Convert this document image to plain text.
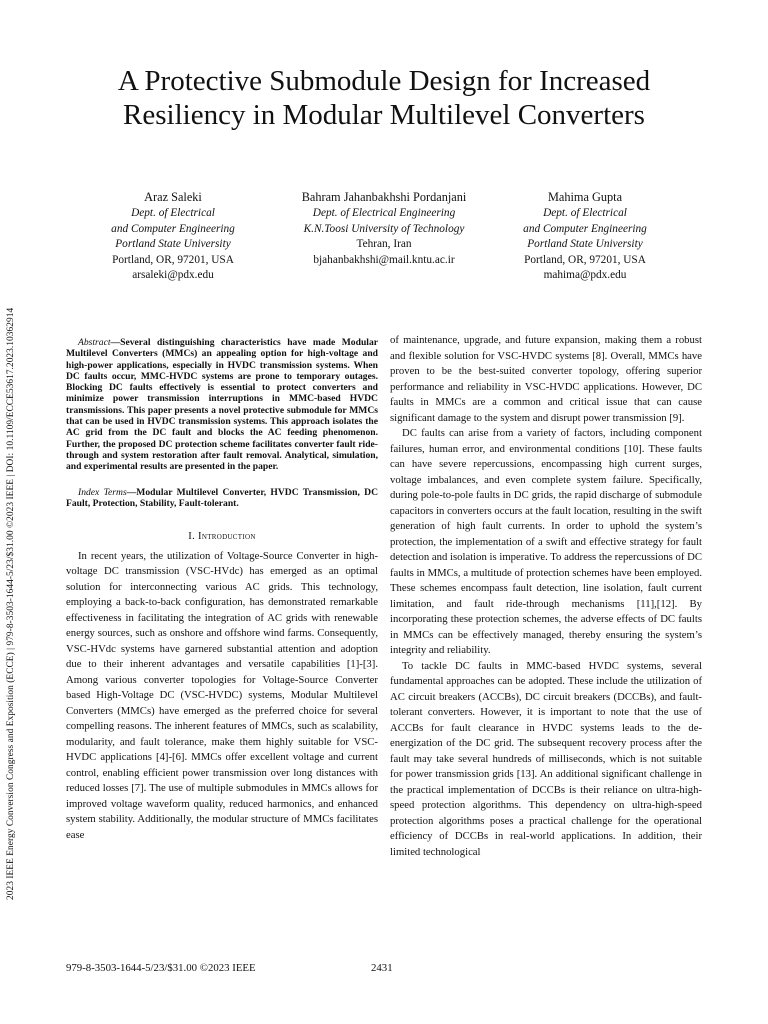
2023 IEEE Energy Conversion Congress and Exposition (ECCE) | 979-8-3503-1644-5/23/$31.00 ©2023 IEEE | DOI: 10.1109/ECCE53617.2023.10362914
A Protective Submodule Design for Increased
Resiliency in Modular Multilevel Converters
Araz Saleki
Dept. of Electrical
and Computer Engineering
Portland State University
Portland, OR, 97201, USA
arsaleki@pdx.edu
Bahram Jahanbakhshi Pordanjani
Dept. of Electrical Engineering
K.N.Toosi University of Technology
Tehran, Iran
bjahanbakhshi@mail.kntu.ac.ir
Mahima Gupta
Dept. of Electrical
and Computer Engineering
Portland State University
Portland, OR, 97201, USA
mahima@pdx.edu

Abstract—Several distinguishing characteristics have made Modular Multilevel Converters (MMCs) an appealing option for high-voltage and high-power applications, especially in HVDC transmission systems. When DC faults occur, MMC-HVDC systems are prone to temporary outages. Blocking DC faults effectively is essential to protect converters and minimize power transmission interruptions in MMC-based HVDC transmissions. This paper presents a novel protective submodule for MMCs that can be used in HVDC transmission systems. This approach isolates the AC grid from the DC fault and blocks the AC feeding phenomenon. Further, the proposed DC protection scheme facilitates converter fault ride-through and system restoration after fault removal. Analytical, simulation, and experimental results are presented in the paper.

Index Terms—Modular Multilevel Converter, HVDC Transmission, DC Fault, Protection, Stability, Fault-tolerant.

I. Introduction

In recent years, the utilization of Voltage-Source Converter in high-voltage DC transmission (VSC-HVdc) has emerged as an optimal solution for interconnecting various AC grids. This technology, employing a back-to-back configuration, has demonstrated remarkable effectiveness in facilitating the integration of AC grids with renewable energy sources, such as onshore and offshore wind farms. Consequently, VSC-HVdc systems have garnered substantial attention and adoption due to their inherent advantages and versatile capabilities [1]-[3]. Among various converter topologies for Voltage-Source Converter based High-Voltage DC (VSC-HVDC) systems, Modular Multilevel Converters (MMCs) have emerged as the preferred choice for several compelling reasons. The inherent features of MMCs, such as scalability, modularity, and fault tolerance, make them highly suitable for VSC-HVDC applications [4]-[6]. MMCs offer excellent voltage and current control, enabling efficient power transmission over long distances with reduced losses [7]. The use of multiple submodules in MMCs allows for improved voltage waveform quality, reduced harmonics, and enhanced system stability. Additionally, the modular structure of MMCs facilitates ease

of maintenance, upgrade, and future expansion, making them a robust and flexible solution for VSC-HVDC systems [8]. Overall, MMCs have proven to be the best-suited converter topology, offering superior performance and reliability in VSC-HVDC applications. However, DC faults in MMCs are a common and critical issue that can cause significant damage to the system and disrupt power transmission [9].

DC faults can arise from a variety of factors, including component failures, human error, and environmental conditions [10]. These faults can have severe repercussions, encompassing high current surges, voltage imbalances, and even complete system failure. Specifically, during pole-to-pole faults in DC grids, the rapid discharge of submodule capacitors in converters occurs at the fault location, resulting in the swift generation of high fault currents. In order to uphold the system’s protection, the implementation of a swift and effective strategy for fault detection and isolation is imperative. To address the repercussions of DC faults in MMCs, a multitude of protection schemes have been employed. These schemes encompass fault detection, line isolation, fault current limitation, and fault ride-through mechanisms [11],[12]. By incorporating these protection schemes, the adverse effects of DC faults in MMCs can be effectively managed, thereby ensuring the system’s integrity and reliability.

To tackle DC faults in MMC-based HVDC systems, several fundamental approaches can be adopted. These include the utilization of AC circuit breakers (ACCBs), DC circuit breakers (DCCBs), and fault-tolerant converters. However, it is important to note that the use of ACCBs for fault clearance in HVDC systems leads to the de-energization of the DC grid. The subsequent recovery process after the fault may take several hundreds of milliseconds, which is not suitable for power transmission grids [13]. An additional significant challenge in the practical implementation of DCCBs is their reliance on ultra-high-speed protection algorithms. This dependency on ultra-high-speed protection algorithms poses a practical challenge for the operational efficiency of DCCBs in real-world applications. In addition, their limited technological

979-8-3503-1644-5/23/$31.00 ©2023 IEEE	2431
